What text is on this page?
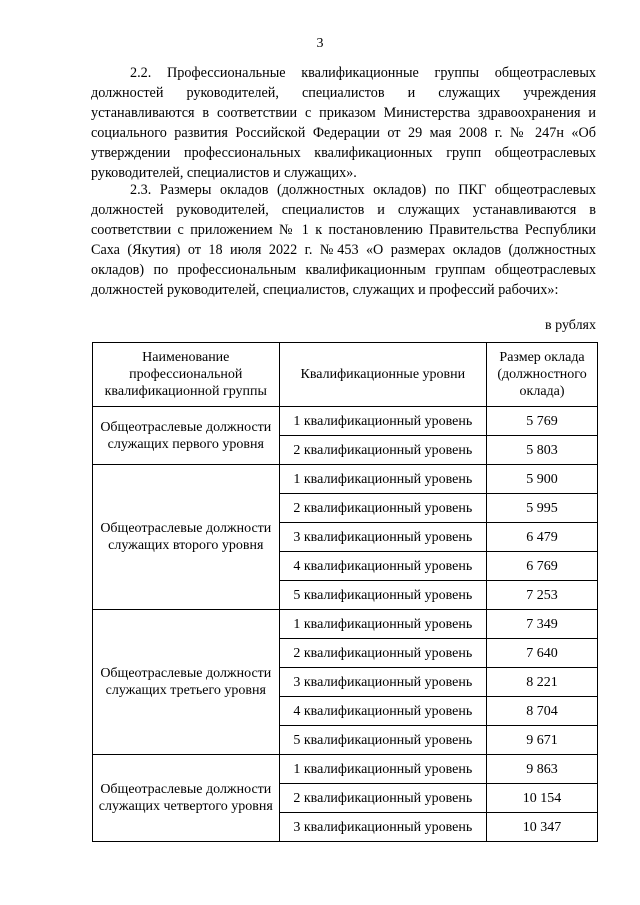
3

2.2. Профессиональные квалификационные группы общеотраслевых должностей руководителей, специалистов и служащих учреждения устанавливаются в соответствии с приказом Министерства здравоохранения и социального развития Российской Федерации от 29 мая 2008 г. № 247н «Об утверждении профессиональных квалификационных групп общеотраслевых руководителей, специалистов и служащих».

2.3. Размеры окладов (должностных окладов) по ПКГ общеотраслевых должностей руководителей, специалистов и служащих устанавливаются в соответствии с приложением № 1 к постановлению Правительства Республики Саха (Якутия) от 18 июля 2022 г. №453 «О размерах окладов (должностных окладов) по профессиональным квалификационным группам общеотраслевых должностей руководителей, специалистов, служащих и профессий рабочих»:

в рублях
Наименование профессиональной квалификационной группы	Квалификационные уровни	Размер оклада (должностного оклада)
Общеотраслевые должности служащих первого уровня	1 квалификационный уровень	5 769
	2 квалификационный уровень	5 803
Общеотраслевые должности служащих второго уровня	1 квалификационный уровень	5 900
	2 квалификационный уровень	5 995
	3 квалификационный уровень	6 479
	4 квалификационный уровень	6 769
	5 квалификационный уровень	7 253
Общеотраслевые должности служащих третьего уровня	1 квалификационный уровень	7 349
	2 квалификационный уровень	7 640
	3 квалификационный уровень	8 221
	4 квалификационный уровень	8 704
	5 квалификационный уровень	9 671
Общеотраслевые должности служащих четвертого уровня	1 квалификационный уровень	9 863
	2 квалификационный уровень	10 154
	3 квалификационный уровень	10 347
